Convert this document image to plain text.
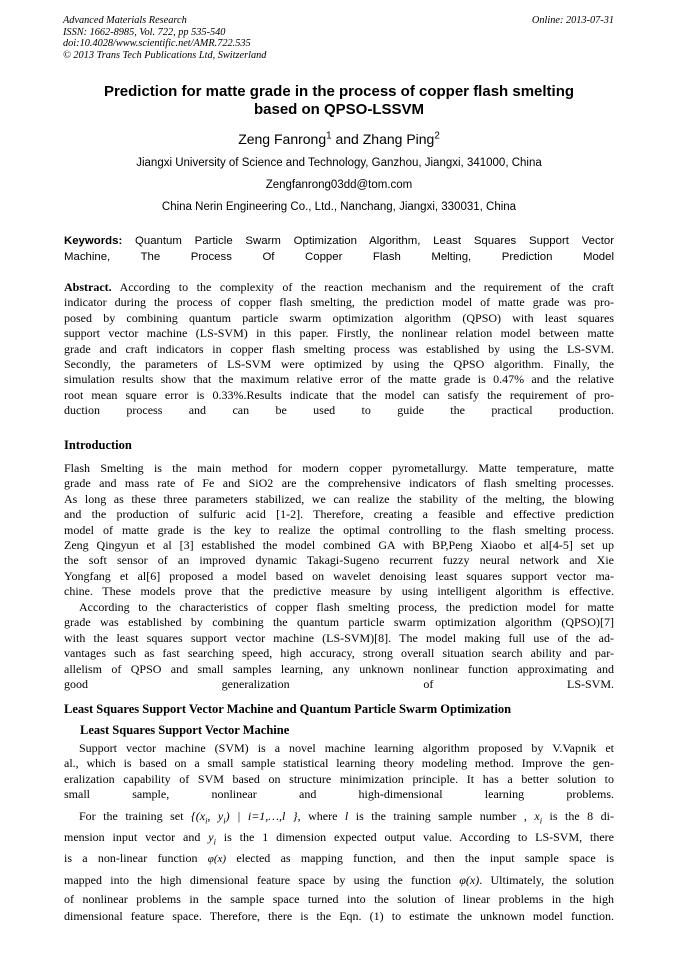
Advanced Materials Research
ISSN: 1662-8985, Vol. 722, pp 535-540
doi:10.4028/www.scientific.net/AMR.722.535
© 2013 Trans Tech Publications Ltd, Switzerland
Online: 2013-07-31
Prediction for matte grade in the process of copper flash smelting
based on QPSO-LSSVM
Zeng Fanrong$^1$ and Zhang Ping$^2$
Jiangxi University of Science and Technology, Ganzhou, Jiangxi, 341000, China
Zengfanrong03dd@tom.com
China Nerin Engineering Co., Ltd., Nanchang, Jiangxi, 330031, China
Keywords: Quantum Particle Swarm Optimization Algorithm, Least Squares Support Vector
Machine, The Process Of Copper Flash Melting, Prediction Model
Abstract. According to the complexity of the reaction mechanism and the requirement of the craft
indicator during the process of copper flash smelting, the prediction model of matte grade was pro-
posed by combining quantum particle swarm optimization algorithm (QPSO) with least squares
support vector machine (LS-SVM) in this paper. Firstly, the nonlinear relation model between matte
grade and craft indicators in copper flash smelting process was established by using the LS-SVM.
Secondly, the parameters of LS-SVM were optimized by using the QPSO algorithm. Finally, the
simulation results show that the maximum relative error of the matte grade is 0.47% and the relative
root mean square error is 0.33%.Results indicate that the model can satisfy the requirement of pro-
duction process and can be used to guide the practical production.
Introduction
Flash Smelting is the main method for modern copper pyrometallurgy. Matte temperature, matte
grade and mass rate of Fe and SiO2 are the comprehensive indicators of flash smelting processes.
As long as these three parameters stabilized, we can realize the stability of the melting, the blowing
and the production of sulfuric acid [1-2]. Therefore, creating a feasible and effective prediction
model of matte grade is the key to realize the optimal controlling to the flash smelting process.
Zeng Qingyun et al [3] established the model combined GA with BP,Peng Xiaobo et al[4-5] set up
the soft sensor of an improved dynamic Takagi-Sugeno recurrent fuzzy neural network and Xie
Yongfang et al[6] proposed a model based on wavelet denoising least squares support vector ma-
chine. These models prove that the predictive measure by using intelligent algorithm is effective.
According to the characteristics of copper flash smelting process, the prediction model for matte
grade was established by combining the quantum particle swarm optimization algorithm (QPSO)[7]
with the least squares support vector machine (LS-SVM)[8]. The model making full use of the ad-
vantages such as fast searching speed, high accuracy, strong overall situation search ability and par-
allelism of QPSO and small samples learning, any unknown nonlinear function approximating and
good generalization of LS-SVM.
Least Squares Support Vector Machine and Quantum Particle Swarm Optimization
Least Squares Support Vector Machine
Support vector machine (SVM) is a novel machine learning algorithm proposed by V.Vapnik et
al., which is based on a small sample statistical learning theory modeling method. Improve the gen-
eralization capability of SVM based on structure minimization principle. It has a better solution to
small sample, nonlinear and high-dimensional learning problems.
For the training set {($x_i$, $y_i$) | i=1,…,l }, where l is the training sample number , $x_i$ is the 8 di-
mension input vector and $y_i$ is the 1 dimension expected output value. According to LS-SVM, there
is a non-linear function φ(x) elected as mapping function, and then the input sample space is
mapped into the high dimensional feature space by using the function φ(x). Ultimately, the solution
of nonlinear problems in the sample space turned into the solution of linear problems in the high
dimensional feature space. Therefore, there is the Eqn. (1) to estimate the unknown model function.
